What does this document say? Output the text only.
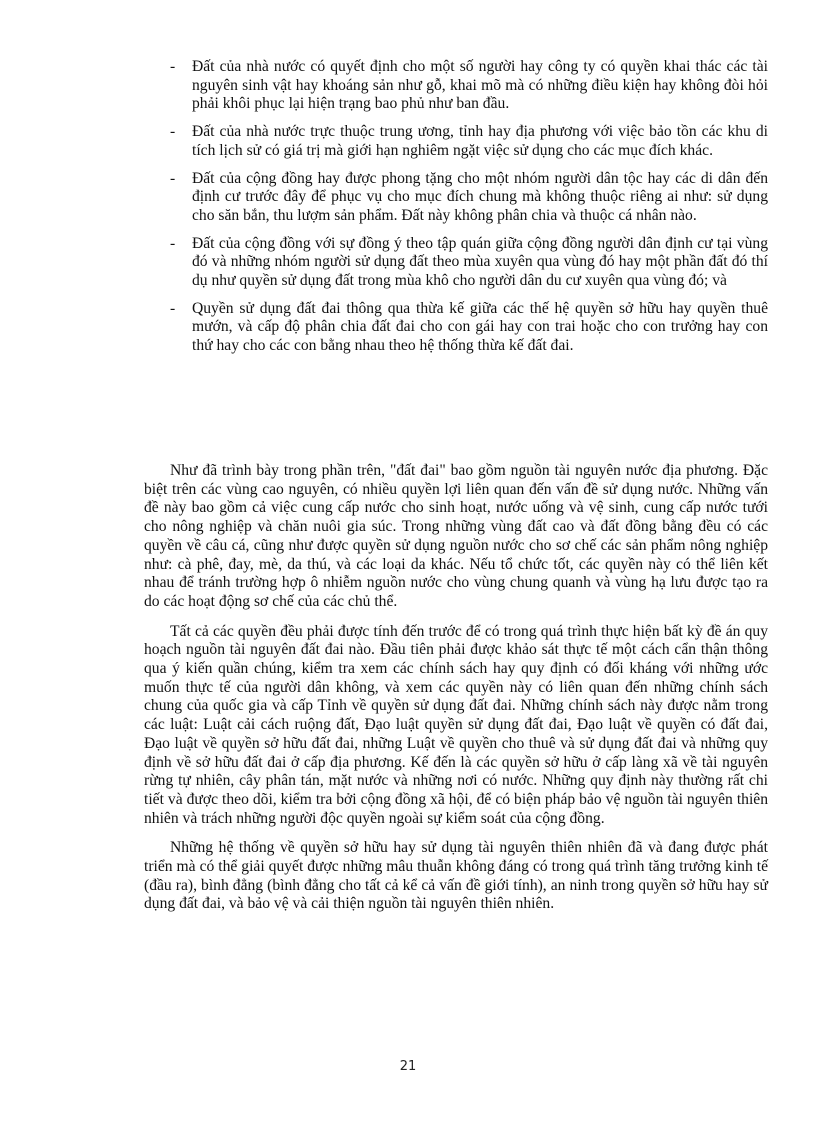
- Đất của nhà nước có quyết định cho một số người hay công ty có quyền khai thác các tài nguyên sinh vật hay khoáng sản như gỗ, khai mõ mà có những điều kiện hay không đòi hỏi phải khôi phục lại hiện trạng bao phủ như ban đầu.
- Đất của nhà nước trực thuộc trung ương, tỉnh hay địa phương với việc bảo tồn các khu di tích lịch sử có giá trị mà giới hạn nghiêm ngặt việc sử dụng cho các mục đích khác.
- Đất của cộng đồng hay được phong tặng cho một nhóm người dân tộc hay các di dân đến định cư trước đây để phục vụ cho mục đích chung mà không thuộc riêng ai như: sử dụng cho săn bắn, thu lượm sản phẩm. Đất này không phân chia và thuộc cá nhân nào.
- Đất của cộng đồng với sự đồng ý theo tập quán giữa cộng đồng người dân định cư tại vùng đó và những nhóm người sử dụng đất theo mùa xuyên qua vùng đó hay một phần đất đó thí dụ như quyền sử dụng đất trong mùa khô cho người dân du cư xuyên qua vùng đó; và
- Quyền sử dụng đất đai thông qua thừa kế giữa các thế hệ quyền sở hữu hay quyền thuê mướn, và cấp độ phân chia đất đai cho con gái hay con trai hoặc cho con trưởng hay con thứ hay cho các con bằng nhau theo hệ thống thừa kế đất đai.

Như đã trình bày trong phần trên, "đất đai" bao gồm nguồn tài nguyên nước địa phương. Đặc biệt trên các vùng cao nguyên, có nhiều quyền lợi liên quan đến vấn đề sử dụng nước. Những vấn đề này bao gồm cả việc cung cấp nước cho sinh hoạt, nước uống và vệ sinh, cung cấp nước tưới cho nông nghiệp và chăn nuôi gia súc. Trong những vùng đất cao và đất đồng bằng đều có các quyền về câu cá, cũng như được quyền sử dụng nguồn nước cho sơ chế các sản phẩm nông nghiệp như: cà phê, đay, mè, da thú, và các loại da khác. Nếu tổ chức tốt, các quyền này có thể liên kết nhau để tránh trường hợp ô nhiễm nguồn nước cho vùng chung quanh và vùng hạ lưu được tạo ra do các hoạt động sơ chế của các chủ thể.

Tất cả các quyền đều phải được tính đến trước để có trong quá trình thực hiện bất kỳ đề án quy hoạch nguồn tài nguyên đất đai nào. Đầu tiên phải được khảo sát thực tế một cách cẩn thận thông qua ý kiến quần chúng, kiểm tra xem các chính sách hay quy định có đối kháng với những ước muốn thực tế của người dân không, và xem các quyền này có liên quan đến những chính sách chung của quốc gia và cấp Tỉnh về quyền sử dụng đất đai. Những chính sách này được nằm trong các luật: Luật cải cách ruộng đất, Đạo luật quyền sử dụng đất đai, Đạo luật về quyền có đất đai, Đạo luật về quyền sở hữu đất đai, những Luật về quyền cho thuê và sử dụng đất đai và những quy định về sở hữu đất đai ở cấp địa phương. Kế đến là các quyền sở hữu ở cấp làng xã về tài nguyên rừng tự nhiên, cây phân tán, mặt nước và những nơi có nước. Những quy định này thường rất chi tiết và được theo dõi, kiểm tra bởi cộng đồng xã hội, để có biện pháp bảo vệ nguồn tài nguyên thiên nhiên và trách những người độc quyền ngoài sự kiểm soát của cộng đồng.

Những hệ thống về quyền sở hữu hay sử dụng tài nguyên thiên nhiên đã và đang được phát triển mà có thể giải quyết được những mâu thuẫn không đáng có trong quá trình tăng trưởng kinh tế (đầu ra), bình đẳng (bình đẳng cho tất cả kể cả vấn đề giới tính), an ninh trong quyền sở hữu hay sử dụng đất đai, và bảo vệ và cải thiện nguồn tài nguyên thiên nhiên.

21
